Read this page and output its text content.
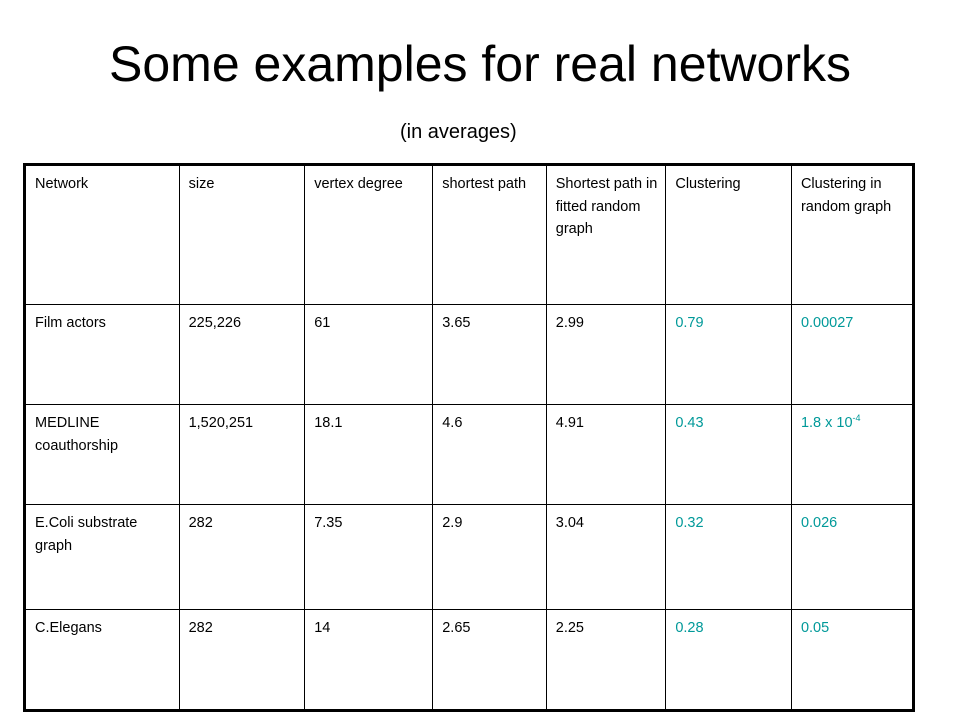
Some examples for real networks
(in averages)
Network	size	vertex degree	shortest path	Shortest path in fitted random graph	Clustering	Clustering in random graph
Film actors	225,226	61	3.65	2.99	0.79	0.00027
MEDLINE coauthorship	1,520,251	18.1	4.6	4.91	0.43	1.8 x $10^{-4}$
E.Coli substrate graph	282	7.35	2.9	3.04	0.32	0.026
C.Elegans	282	14	2.65	2.25	0.28	0.05
